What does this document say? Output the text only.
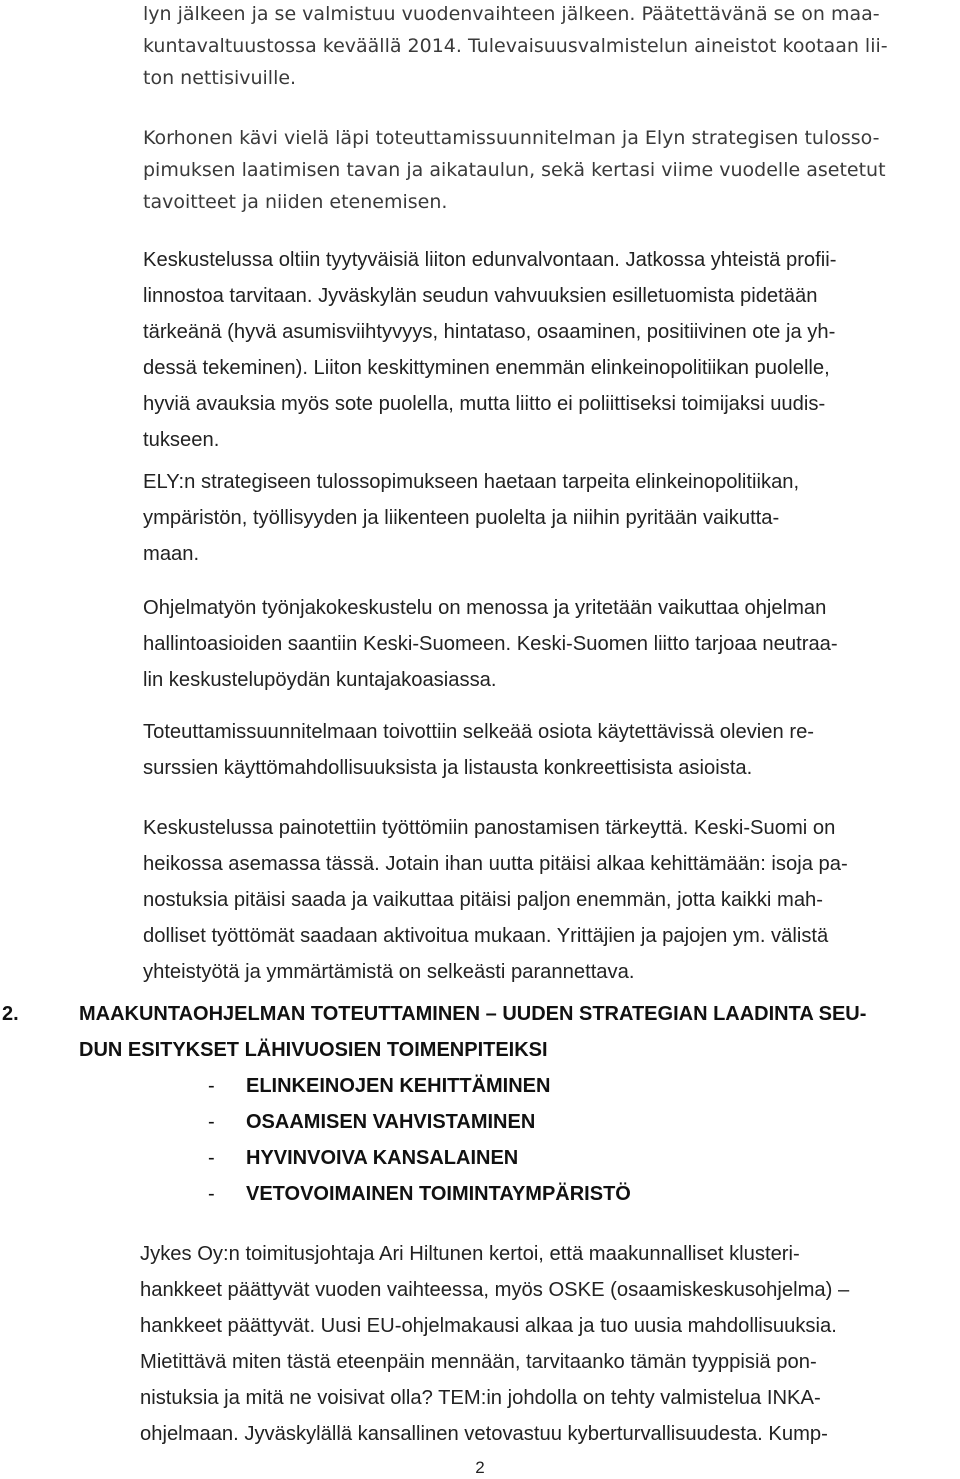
lyn jälkeen ja se valmistuu vuodenvaihteen jälkeen. Päätettävänä se on maa-
kuntavaltuustossa keväällä 2014. Tulevaisuusvalmistelun aineistot kootaan lii-
ton nettisivuille.
Korhonen kävi vielä läpi toteuttamissuunnitelman ja Elyn strategisen tulosso-
pimuksen laatimisen tavan ja aikataulun, sekä kertasi viime vuodelle asetetut
tavoitteet ja niiden etenemisen.
Keskustelussa oltiin tyytyväisiä liiton edunvalvontaan. Jatkossa yhteistä profii-
linnostoa tarvitaan. Jyväskylän seudun vahvuuksien esilletuomista pidetään
tärkeänä (hyvä asumisviihtyvyys, hintataso, osaaminen, positiivinen ote ja yh-
dessä tekeminen). Liiton keskittyminen enemmän elinkeinopolitiikan puolelle,
hyviä avauksia myös sote puolella, mutta liitto ei poliittiseksi toimijaksi uudis-
tukseen.
ELY:n strategiseen tulossopimukseen haetaan tarpeita elinkeinopolitiikan,
ympäristön, työllisyyden ja liikenteen puolelta ja niihin pyritään vaikutta-
maan.
Ohjelmatyön työnjakokeskustelu on menossa ja yritetään vaikuttaa ohjelman
hallintoasioiden saantiin Keski-Suomeen. Keski-Suomen liitto tarjoaa neutraa-
lin keskustelupöydän kuntajakoasiassa.
Toteuttamissuunnitelmaan toivottiin selkeää osiota käytettävissä olevien re-
surssien käyttömahdollisuuksista ja listausta konkreettisista asioista.
Keskustelussa painotettiin työttömiin panostamisen tärkeyttä. Keski-Suomi on
heikossa asemassa tässä. Jotain ihan uutta pitäisi alkaa kehittämään: isoja pa-
nostuksia pitäisi saada ja vaikuttaa pitäisi paljon enemmän, jotta kaikki mah-
dolliset työttömät saadaan aktivoitua mukaan. Yrittäjien ja pajojen ym. välistä
yhteistyötä ja ymmärtämistä on selkeästi parannettava.
2.	MAAKUNTAOHJELMAN TOTEUTTAMINEN – UUDEN STRATEGIAN LAADINTA SEU-
DUN ESITYKSET LÄHIVUOSIEN TOIMENPITEIKSI
- ELINKEINOJEN KEHITTÄMINEN
- OSAAMISEN VAHVISTAMINEN
- HYVINVOIVA KANSALAINEN
- VETOVOIMAINEN TOIMINTAYMPÄRISTÖ
Jykes Oy:n toimitusjohtaja Ari Hiltunen kertoi, että maakunnalliset klusteri-
hankkeet päättyvät vuoden vaihteessa, myös OSKE (osaamiskeskusohjelma) –
hankkeet päättyvät. Uusi EU-ohjelmakausi alkaa ja tuo uusia mahdollisuuksia.
Mietittävä miten tästä eteenpäin mennään, tarvitaanko tämän tyyppisiä pon-
nistuksia ja mitä ne voisivat olla? TEM:in johdolla on tehty valmistelua INKA-
ohjelmaan. Jyväskylällä kansallinen vetovastuu kyberturvallisuudesta. Kump-
2
